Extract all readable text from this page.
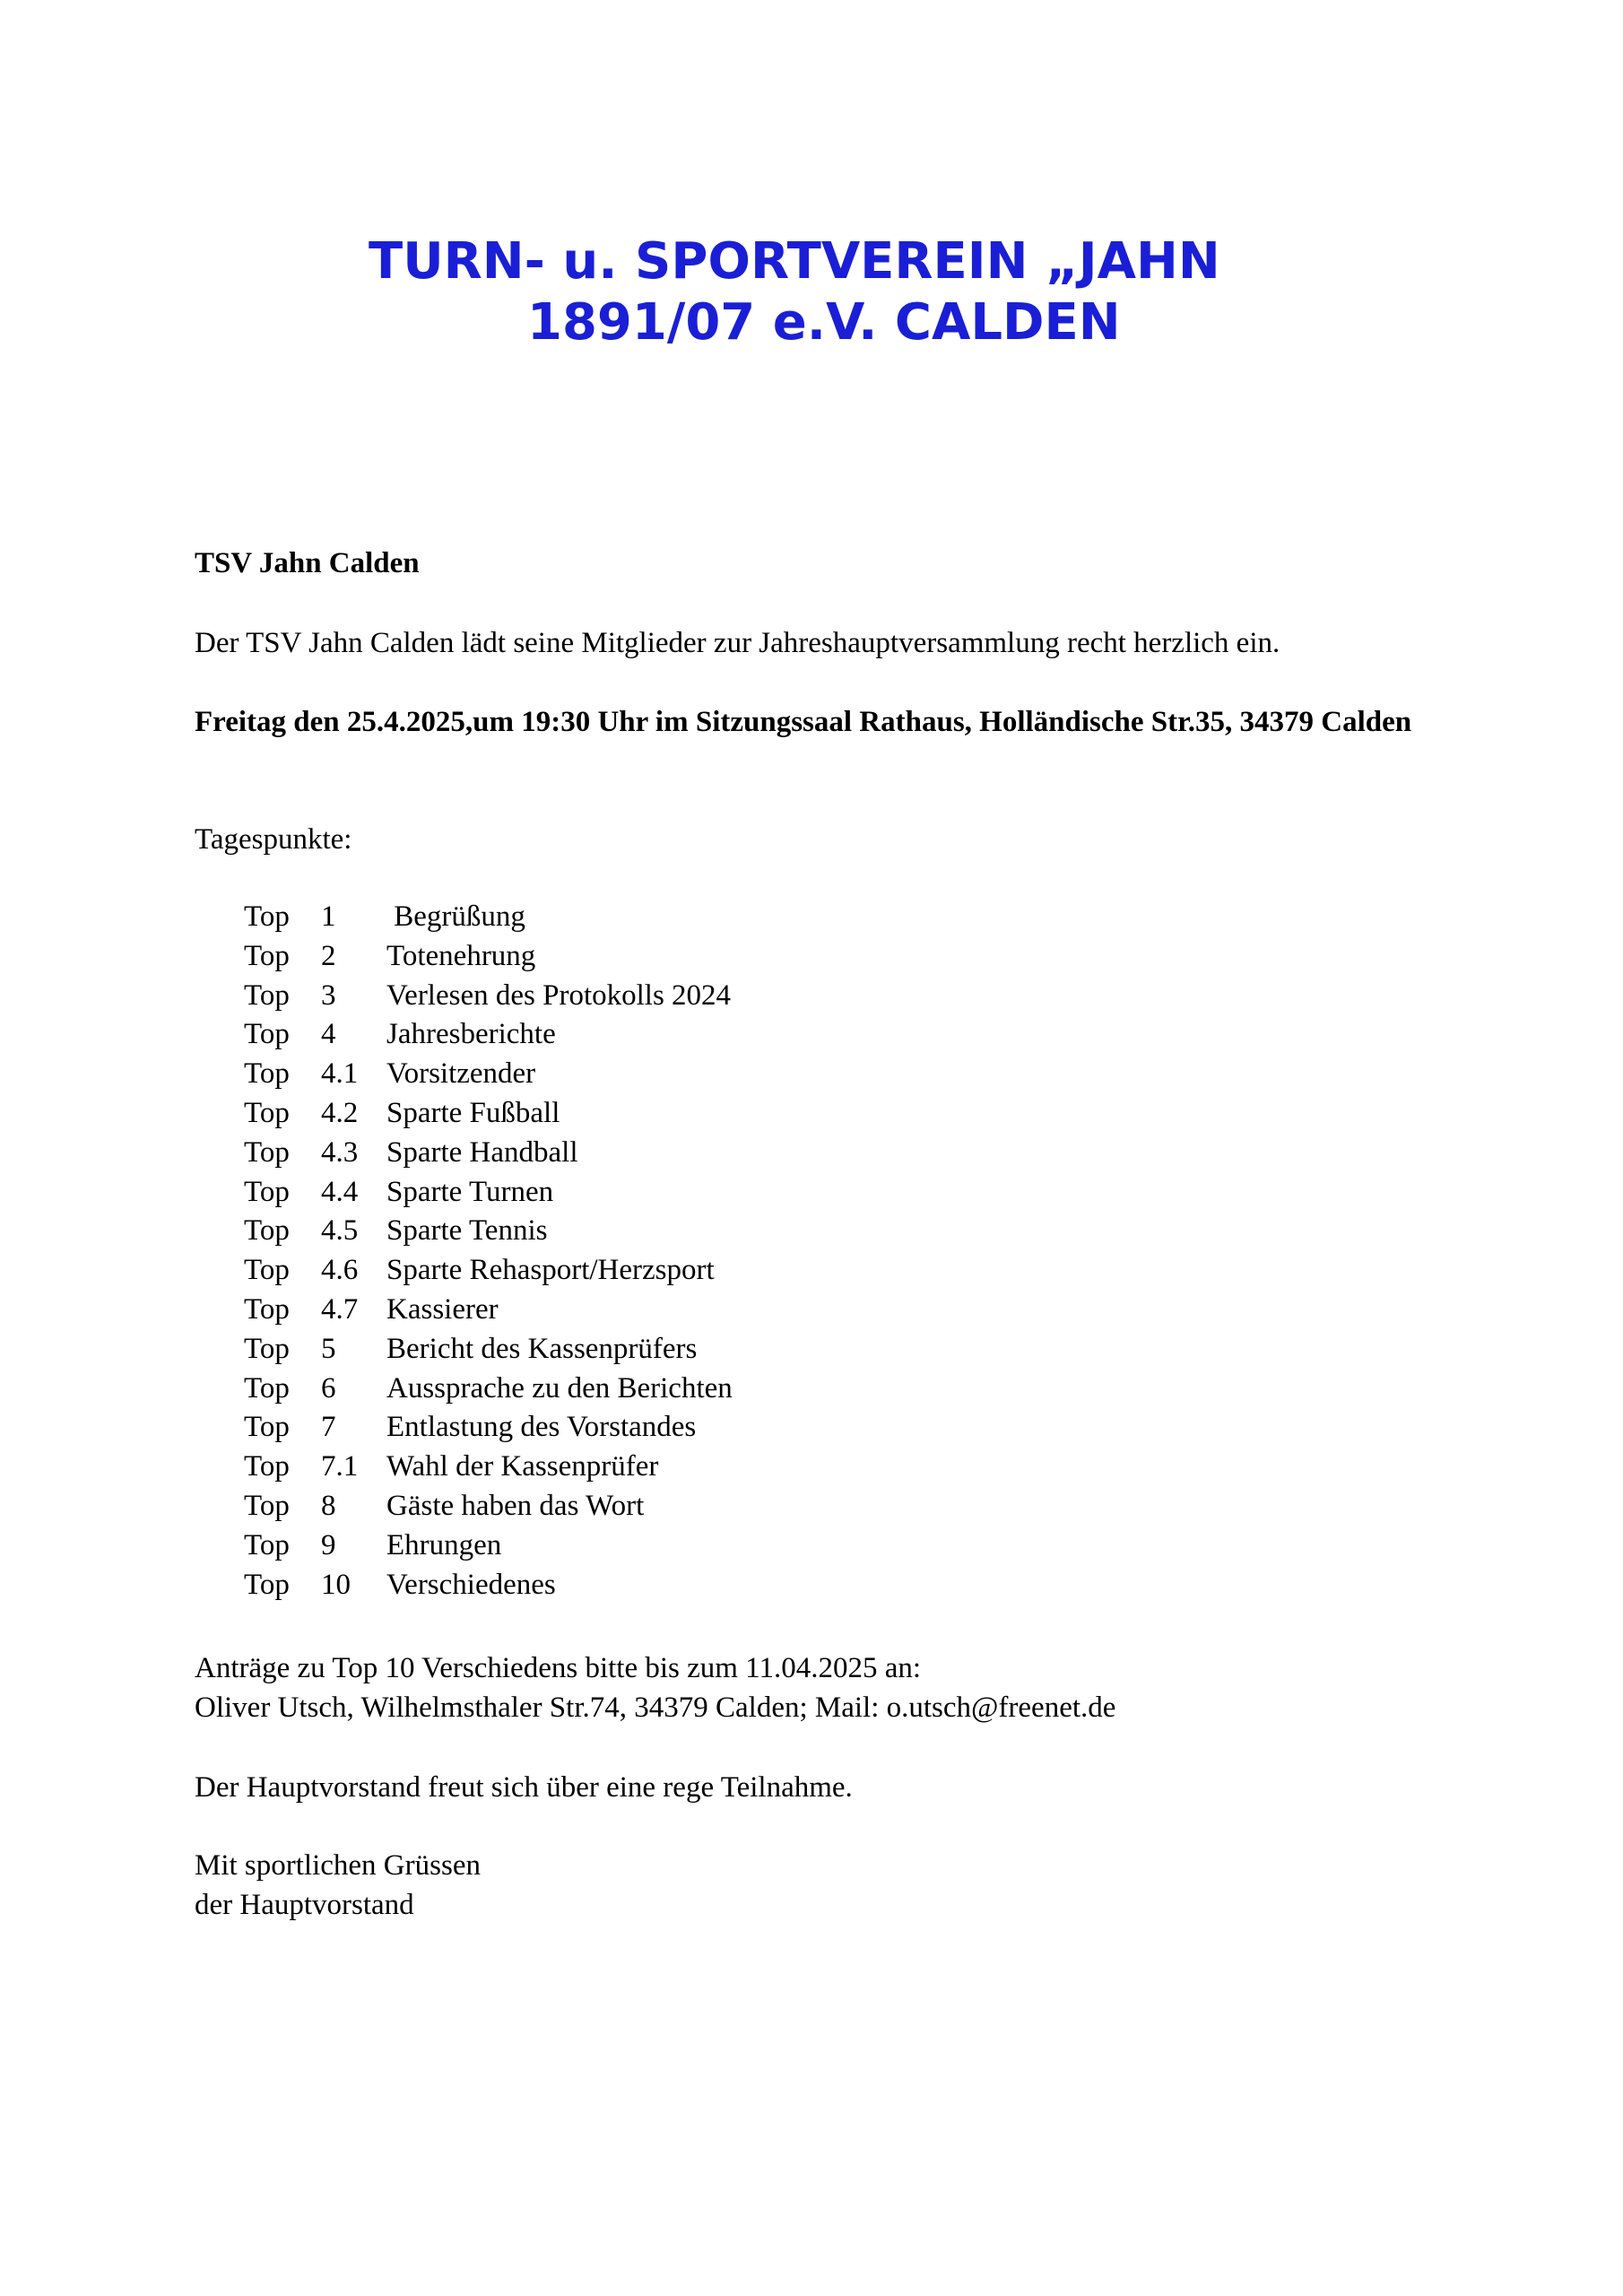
TURN- u. SPORTVEREIN „JAHN
1891/07 e.V. CALDEN
TSV Jahn Calden
Der TSV Jahn Calden lädt seine Mitglieder zur Jahreshauptversammlung recht herzlich ein.
Freitag den 25.4.2025,um 19:30 Uhr im Sitzungssaal Rathaus, Holländische Str.35, 34379 Calden
Tagespunkte:
Top 1 Begrüßung
Top 2 Totenehrung
Top 3 Verlesen des Protokolls 2024
Top 4 Jahresberichte
Top 4.1 Vorsitzender
Top 4.2 Sparte Fußball
Top 4.3 Sparte Handball
Top 4.4 Sparte Turnen
Top 4.5 Sparte Tennis
Top 4.6 Sparte Rehasport/Herzsport
Top 4.7 Kassierer
Top 5 Bericht des Kassenprüfers
Top 6 Aussprache zu den Berichten
Top 7 Entlastung des Vorstandes
Top 7.1 Wahl der Kassenprüfer
Top 8 Gäste haben das Wort
Top 9 Ehrungen
Top 10 Verschiedenes
Anträge zu Top 10 Verschiedens bitte bis zum 11.04.2025 an:
Oliver Utsch, Wilhelmsthaler Str.74, 34379 Calden; Mail: o.utsch@freenet.de
Der Hauptvorstand freut sich über eine rege Teilnahme.
Mit sportlichen Grüssen
der Hauptvorstand
